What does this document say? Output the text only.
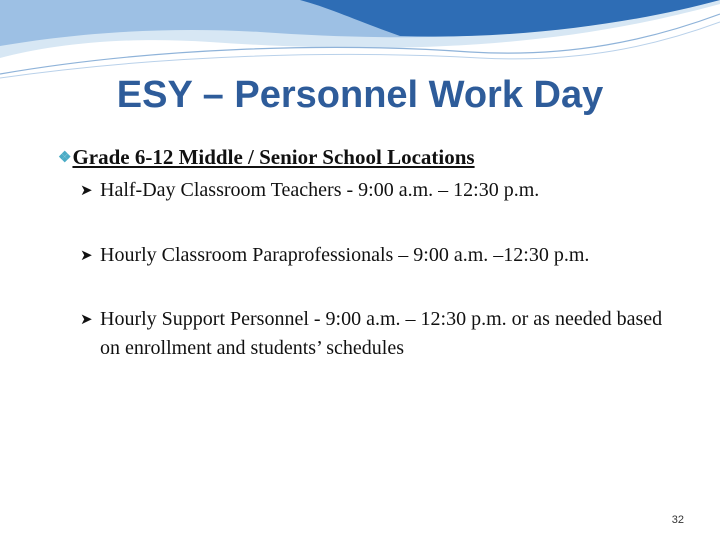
ESY – Personnel Work Day
❖ Grade 6-12 Middle / Senior School Locations
➤ Half-Day Classroom Teachers - 9:00 a.m. – 12:30 p.m.
➤ Hourly Classroom Paraprofessionals – 9:00 a.m. –12:30 p.m.
➤ Hourly Support Personnel - 9:00 a.m. – 12:30 p.m. or as needed based on enrollment and students’ schedules
32
